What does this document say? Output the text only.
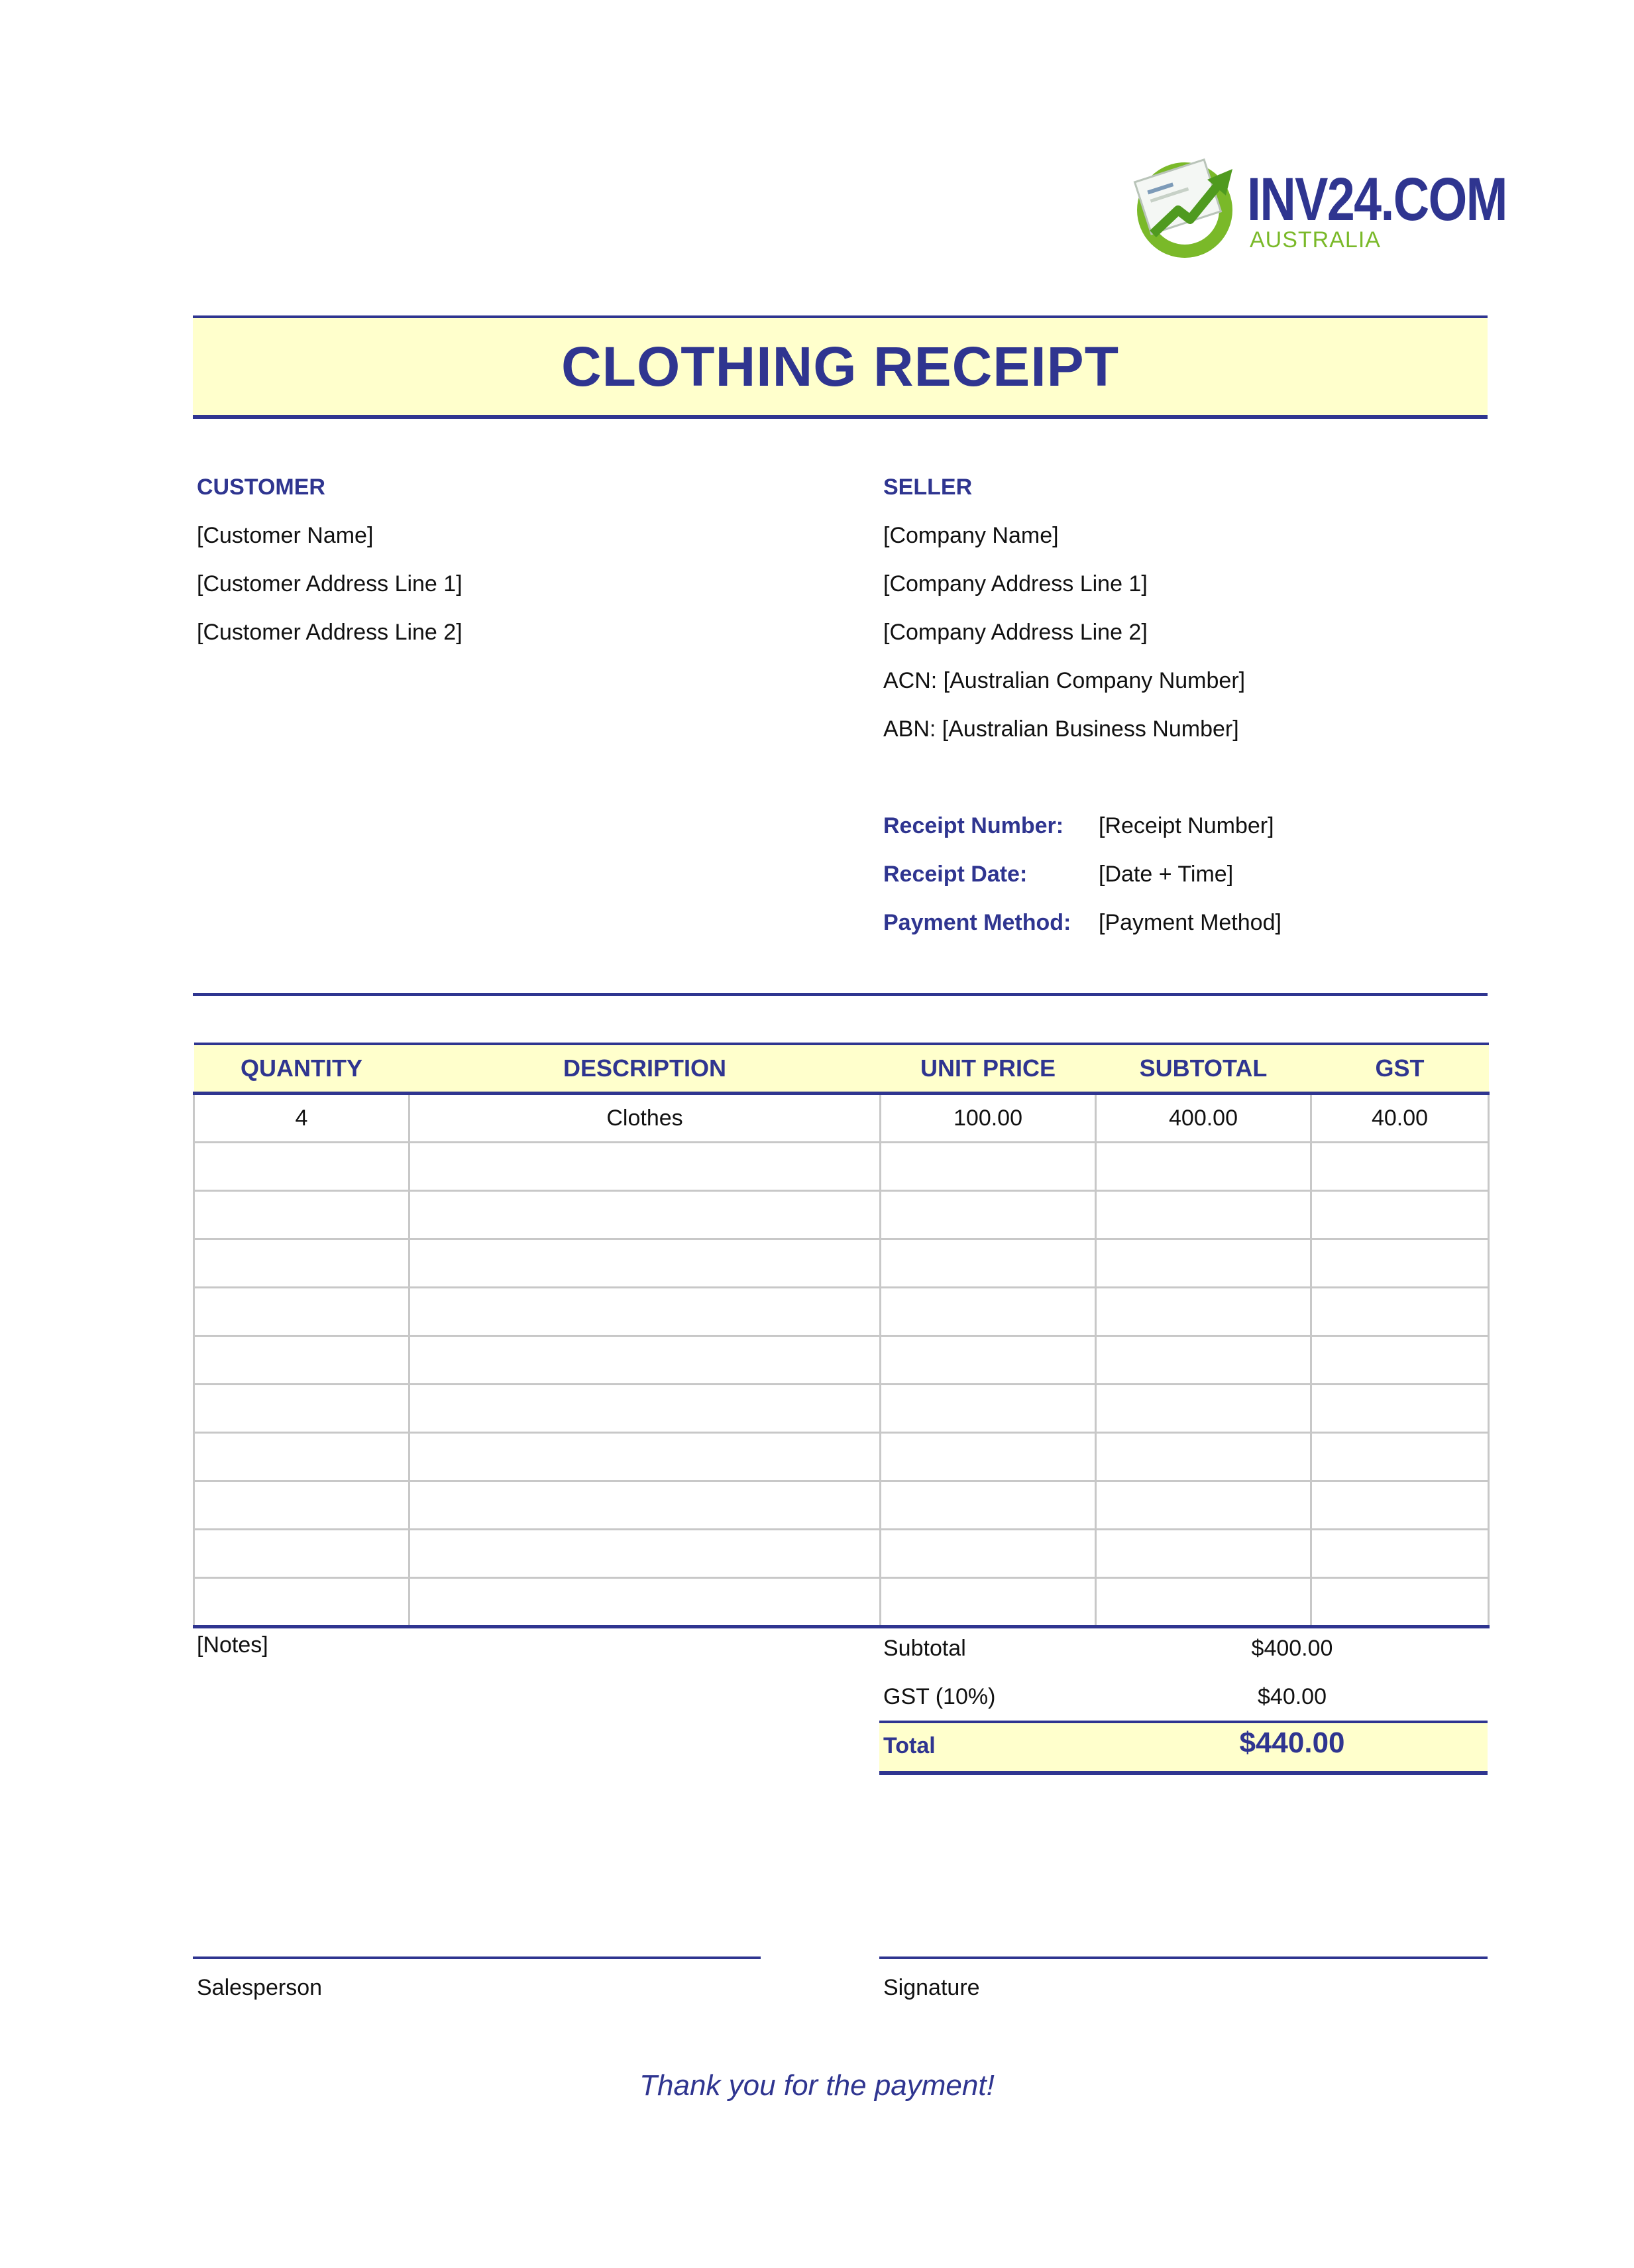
INV24.COM
AUSTRALIA
CLOTHING RECEIPT
CUSTOMER
[Customer Name]
[Customer Address Line 1]
[Customer Address Line 2]
SELLER
[Company Name]
[Company Address Line 1]
[Company Address Line 2]
ACN: [Australian Company Number]
ABN: [Australian Business Number]
Receipt Number: [Receipt Number]
Receipt Date:	[Date + Time]
Payment Method: [Payment Method]
QUANTITY	DESCRIPTION	UNIT PRICE	SUBTOTAL	GST
4	Clothes	100.00	400.00	40.00

[Notes]	Subtotal	$400.00
GST (10%)	$40.00
Total	$440.00
Salesperson	Signature
Thank you for the payment!
